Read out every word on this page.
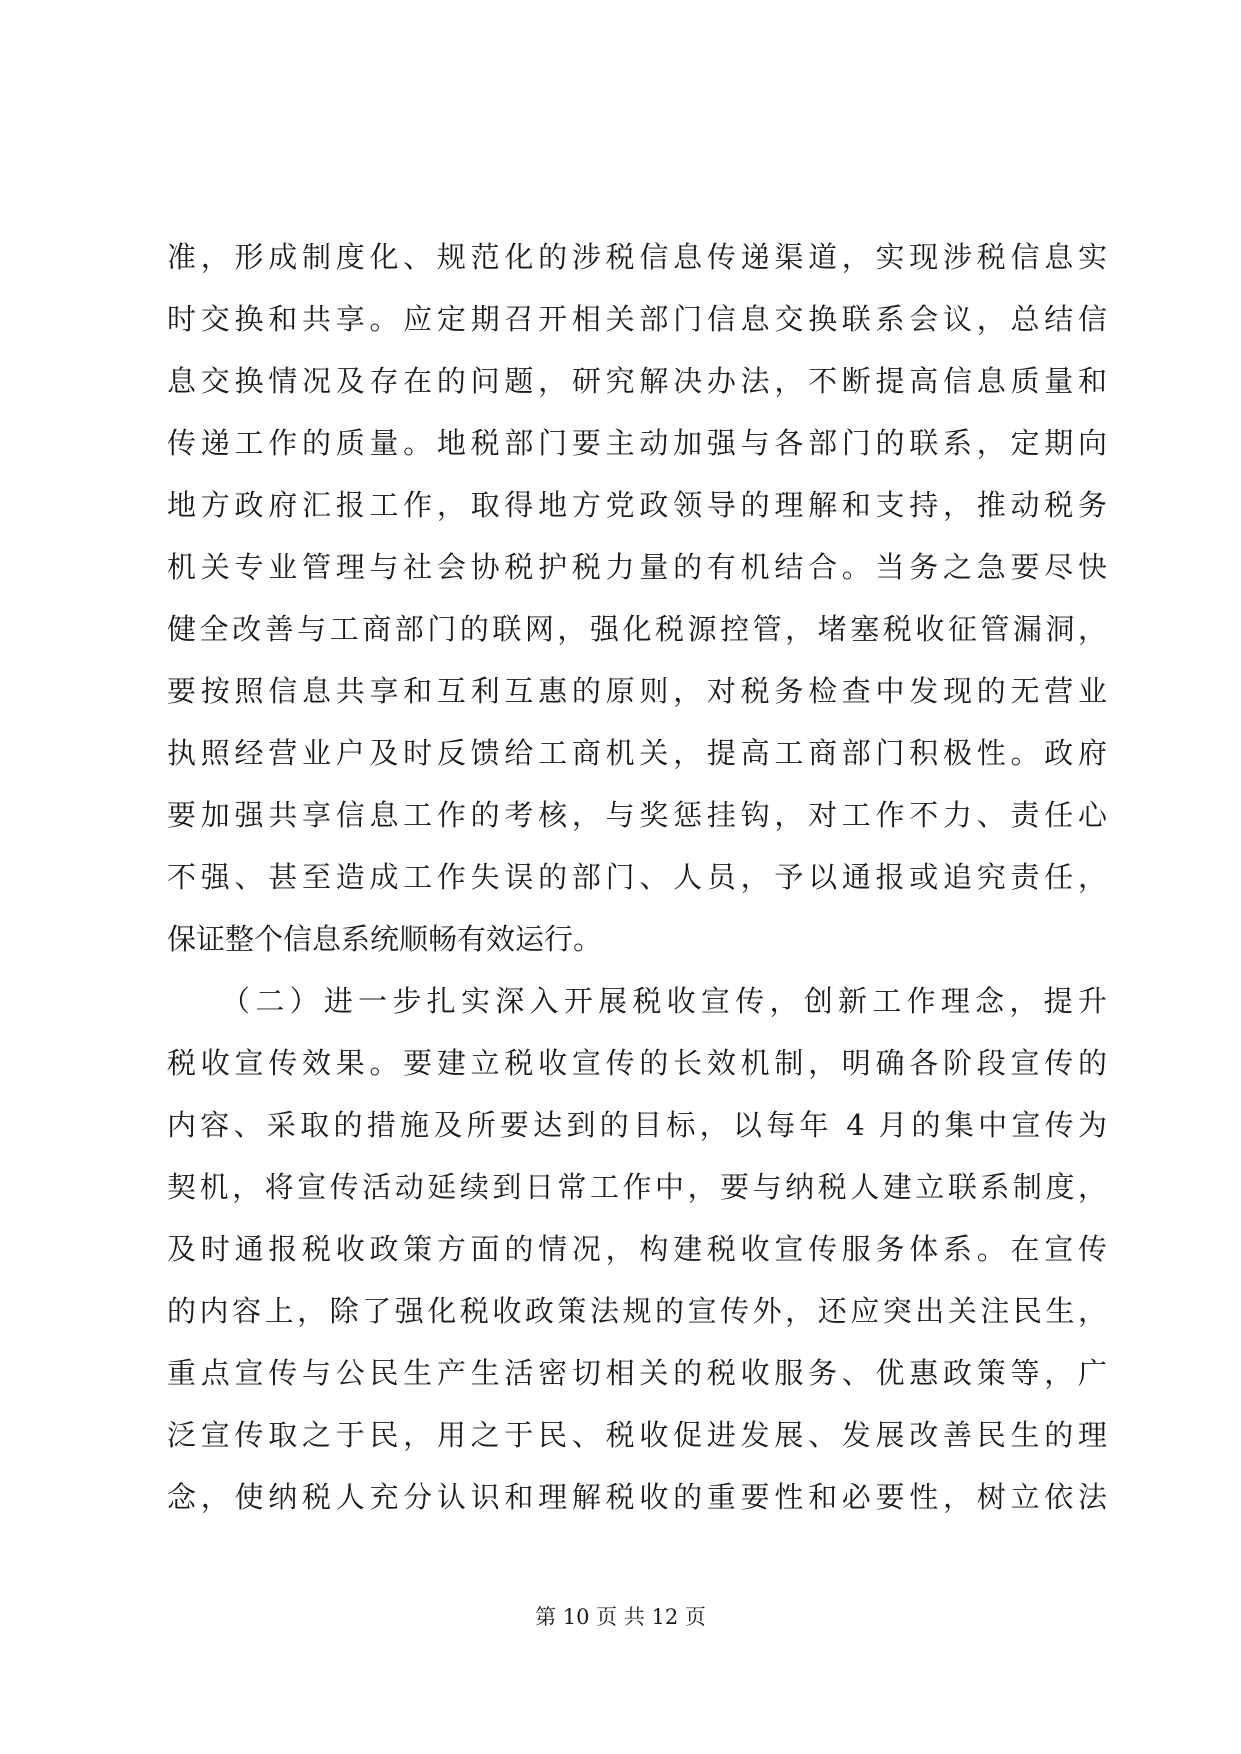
准，形成制度化、规范化的涉税信息传递渠道，实现涉税信息实
时交换和共享。应定期召开相关部门信息交换联系会议，总结信
息交换情况及存在的问题，研究解决办法，不断提高信息质量和
传递工作的质量。地税部门要主动加强与各部门的联系，定期向
地方政府汇报工作，取得地方党政领导的理解和支持，推动税务
机关专业管理与社会协税护税力量的有机结合。当务之急要尽快
健全改善与工商部门的联网，强化税源控管，堵塞税收征管漏洞，
要按照信息共享和互利互惠的原则，对税务检查中发现的无营业
执照经营业户及时反馈给工商机关，提高工商部门积极性。政府
要加强共享信息工作的考核，与奖惩挂钩，对工作不力、责任心
不强、甚至造成工作失误的部门、人员，予以通报或追究责任，
保证整个信息系统顺畅有效运行。
　　（二）进一步扎实深入开展税收宣传，创新工作理念，提升
税收宣传效果。要建立税收宣传的长效机制，明确各阶段宣传的
内容、采取的措施及所要达到的目标，以每年 4 月的集中宣传为
契机，将宣传活动延续到日常工作中，要与纳税人建立联系制度，
及时通报税收政策方面的情况，构建税收宣传服务体系。在宣传
的内容上，除了强化税收政策法规的宣传外，还应突出关注民生，
重点宣传与公民生产生活密切相关的税收服务、优惠政策等，广
泛宣传取之于民，用之于民、税收促进发展、发展改善民生的理
念，使纳税人充分认识和理解税收的重要性和必要性，树立依法
第 10 页 共 12 页
